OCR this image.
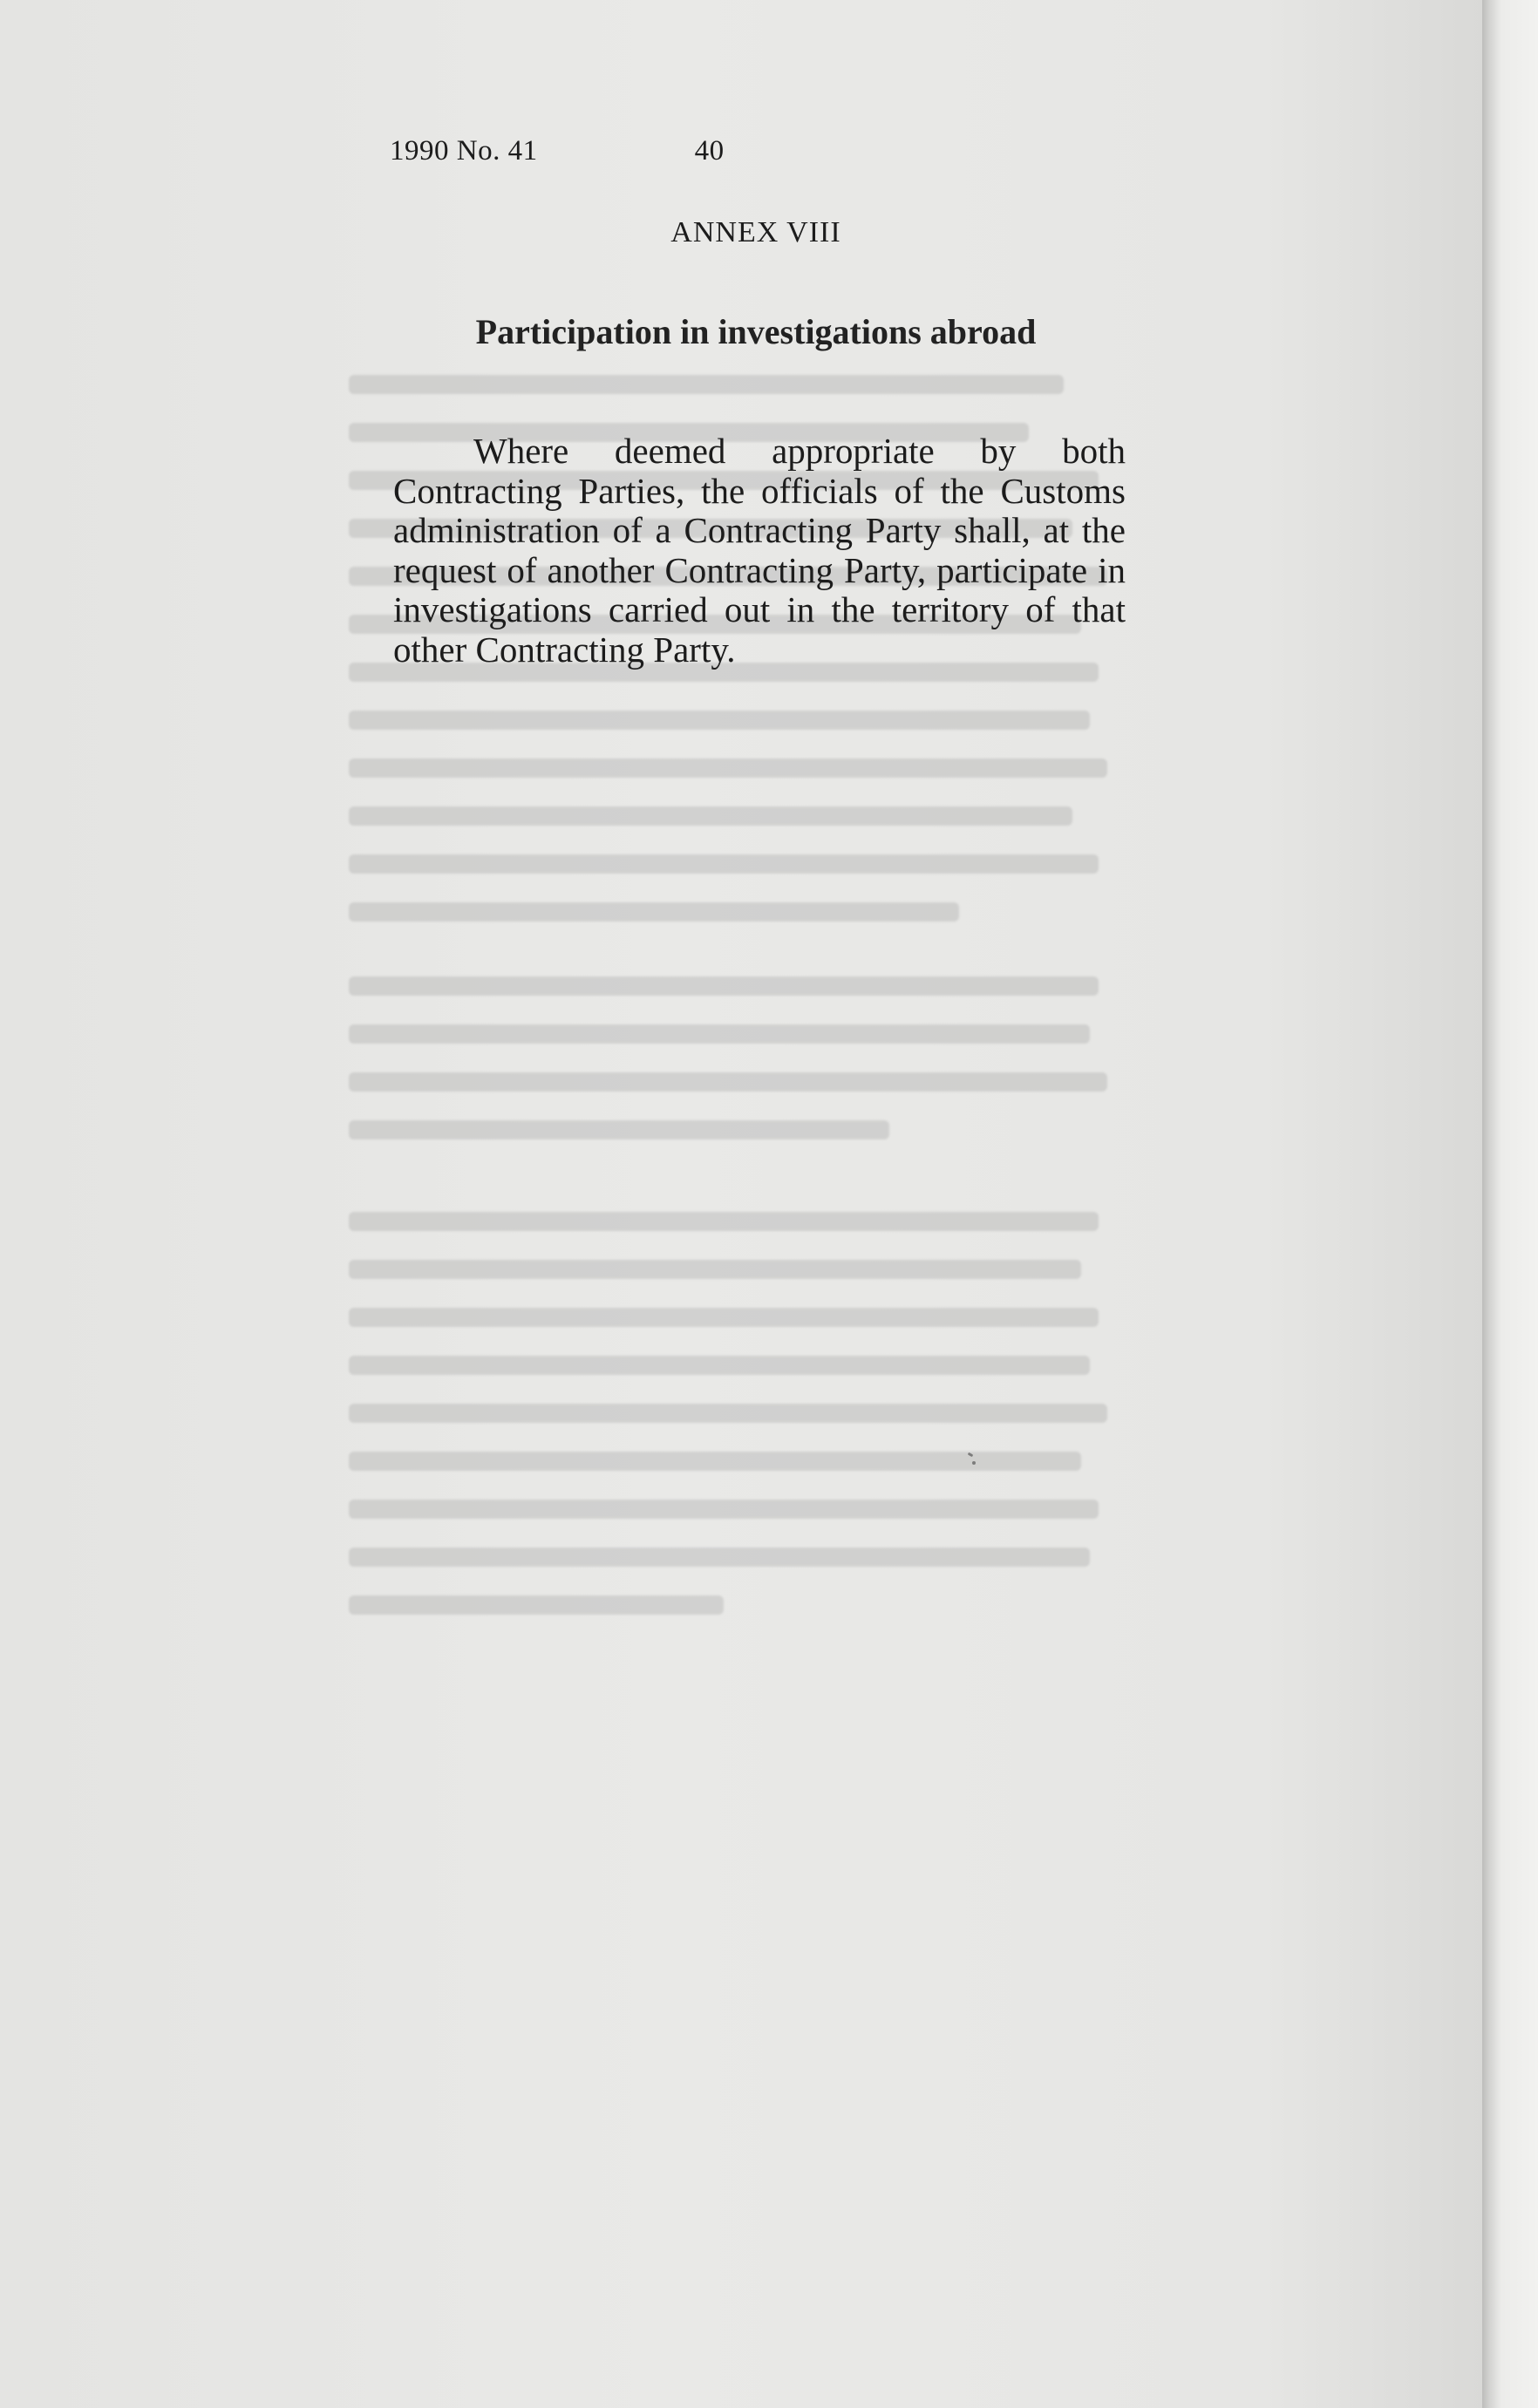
1990 No. 41	40
ANNEX VIII
Participation in investigations abroad

Where deemed appropriate by both Contracting Parties, the officials of the Customs administration of a Contracting Party shall, at the request of another Contracting Party, participate in investigations carried out in the territory of that other Contracting Party.
